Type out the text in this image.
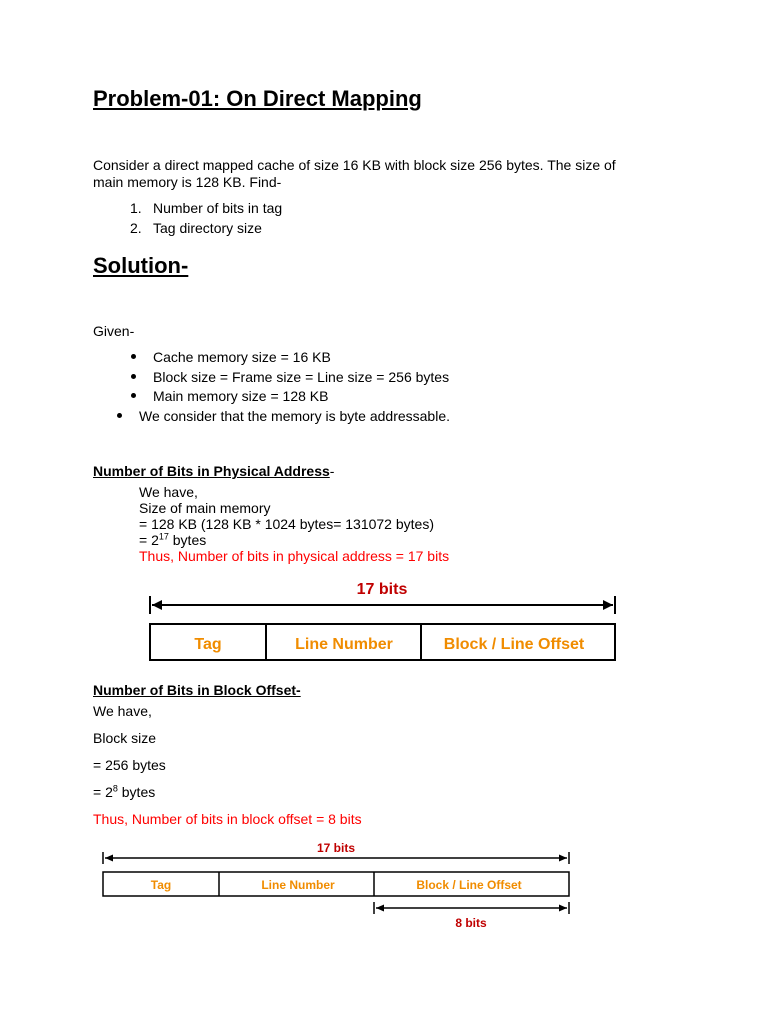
Problem-01: On Direct Mapping
Consider a direct mapped cache of size 16 KB with block size 256 bytes. The size of
main memory is 128 KB. Find-
1. Number of bits in tag
2. Tag directory size
Solution-
Given-
Cache memory size = 16 KB
Block size = Frame size = Line size = 256 bytes
Main memory size = 128 KB
We consider that the memory is byte addressable.
Number of Bits in Physical Address-
We have,
Size of main memory
= 128 KB (128 KB * 1024 bytes= 131072 bytes)
= $2^{17}$ bytes
Thus, Number of bits in physical address = 17 bits
17 bits
Tag	Line Number	Block / Line Offset
Number of Bits in Block Offset-
We have,
Block size
= 256 bytes
= $2^8$ bytes
Thus, Number of bits in block offset = 8 bits
17 bits
Tag	Line Number	Block / Line Offset
8 bits
